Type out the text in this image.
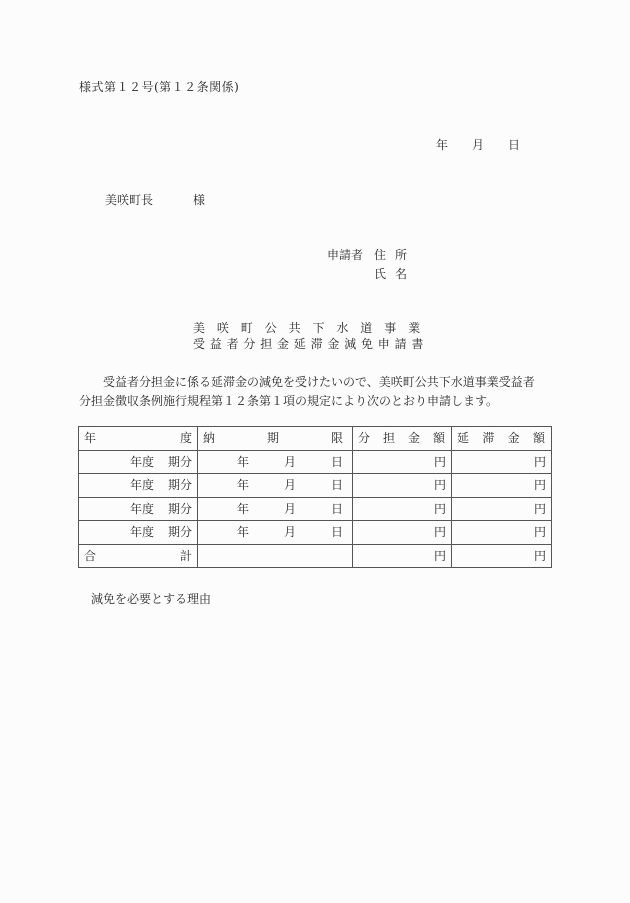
様式第１２号(第１２条関係)
年 月 日
美咲町長	様
申請者 住所
氏名
美咲町公共下水道事業
受益者分担金延滞金減免申請書

受益者分担金に係る延滞金の減免を受けたいので、美咲町公共下水道事業受益者

分担金徴収条例施行規程第１２条第１項の規定により次のとおり申請します。

年 度	納 期 限	分 担 金 額	延 滞 金 額

年度 期分	年 月 日	円	円

年度 期分	年 月 日	円	円

年度 期分	年 月 日	円	円

年度 期分	年 月 日	円	円

合 計		円	円
減免を必要とする理由
